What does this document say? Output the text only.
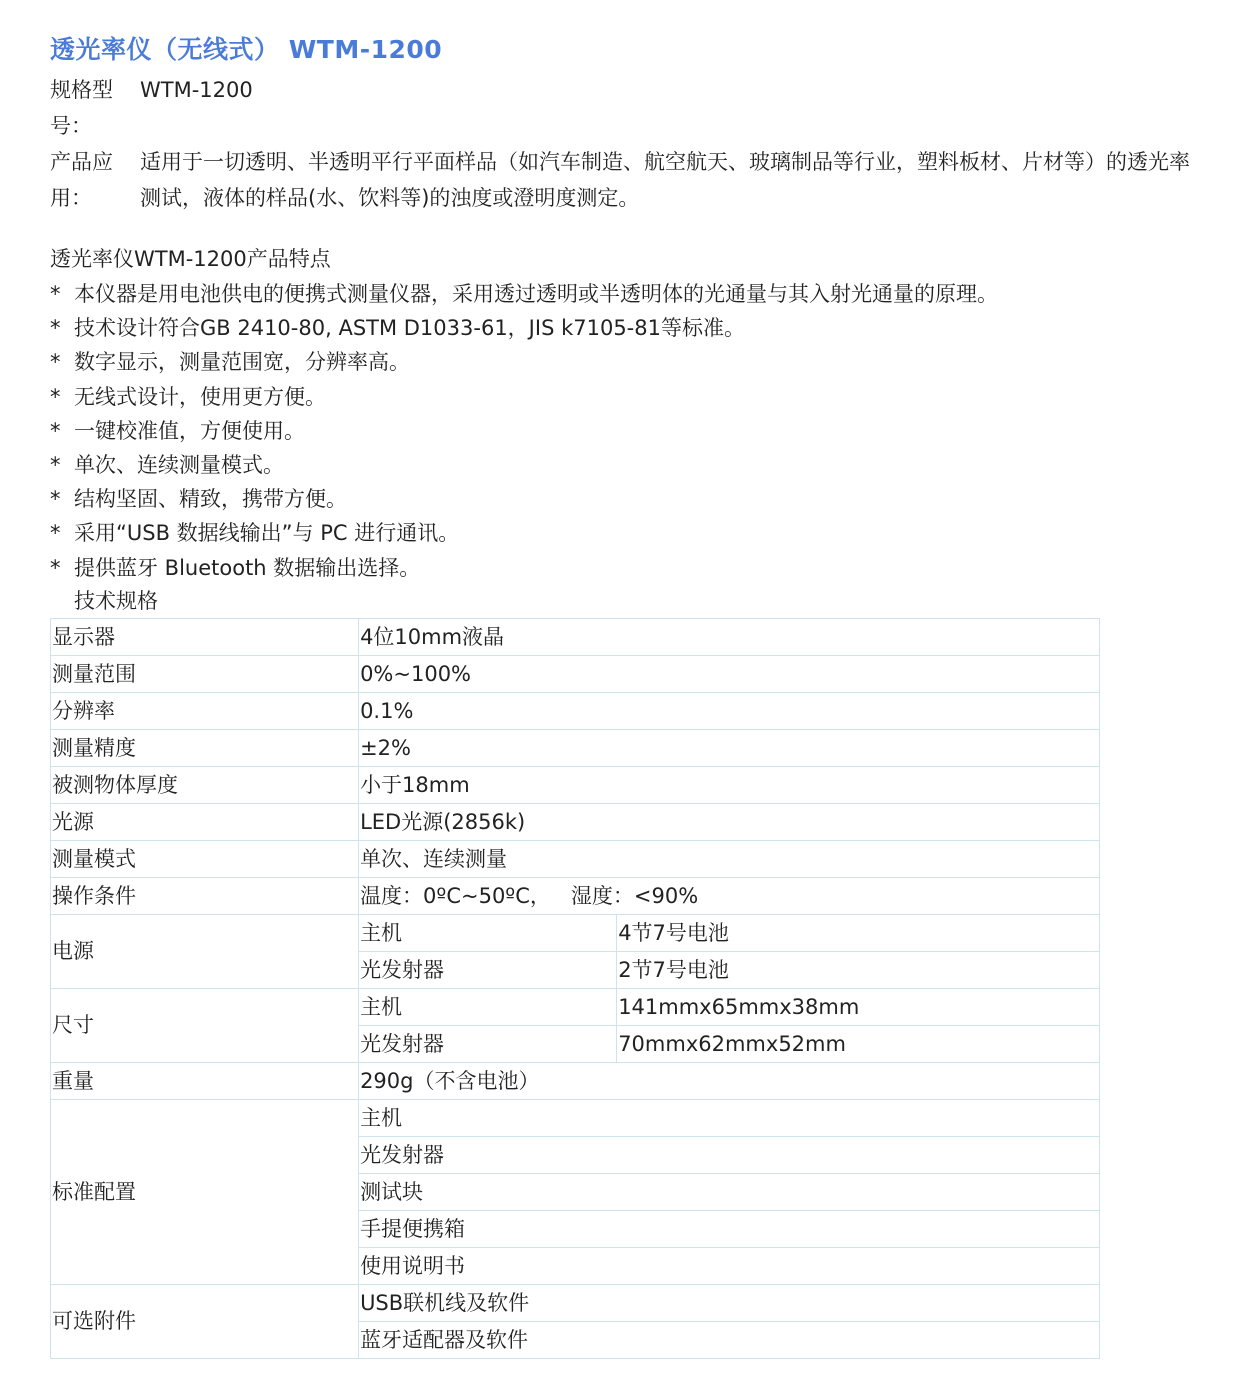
透光率仪（无线式） WTM-1200
规格型号：
WTM-1200
产品应用：
适用于一切透明、半透明平行平面样品（如汽车制造、航空航天、玻璃制品等行业，塑料板材、片材等）的透光率测试，液体的样品(水、饮料等)的浊度或澄明度测定。
透光率仪WTM-1200产品特点
* 本仪器是用电池供电的便携式测量仪器，采用透过透明或半透明体的光通量与其入射光通量的原理。
* 技术设计符合GB 2410-80, ASTM D1033-61，JIS k7105-81等标准。
* 数字显示，测量范围宽，分辨率高。
* 无线式设计，使用更方便。
* 一键校准值，方便使用。
* 单次、连续测量模式。
* 结构坚固、精致，携带方便。
* 采用“USB 数据线输出”与 PC 进行通讯。
* 提供蓝牙 Bluetooth 数据输出选择。
技术规格
显示器	4位10mm液晶	
测量范围	0%~100%	
分辨率	0.1%	
测量精度	±2%	
被测物体厚度	小于18mm	
光源	LED光源(2856k)	
测量模式	单次、连续测量	
操作条件	温度：0ºC~50ºC，   湿度：<90%	
电源	主机	4节7号电池
	光发射器	2节7号电池
尺寸	主机	141mmx65mmx38mm
	光发射器	70mmx62mmx52mm
重量	290g（不含电池）	
标准配置	主机	
	光发射器	
	测试块	
	手提便携箱	
	使用说明书	
可选附件	USB联机线及软件	
	蓝牙适配器及软件	
